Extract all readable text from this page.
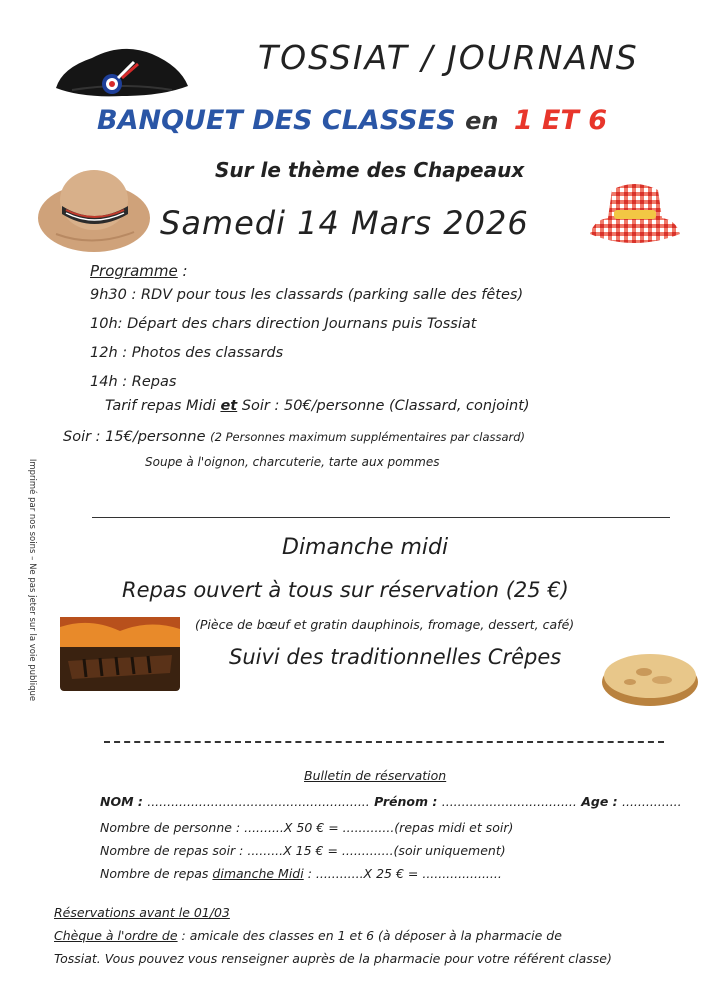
TOSSIAT / JOURNANS
BANQUET DES CLASSES en 1 ET 6
Sur le thème des Chapeaux
Samedi 14 Mars 2026
Programme :
9h30 : RDV pour tous les classards (parking salle des fêtes)
10h: Départ des chars direction Journans puis Tossiat
12h : Photos des classards
14h : Repas
Tarif repas Midi et Soir : 50€/personne (Classard, conjoint)
Soir : 15€/personne (2 Personnes maximum supplémentaires par classard)
Soupe à l'oignon, charcuterie, tarte aux pommes
Dimanche midi
Repas ouvert à tous sur réservation (25 €)
(Pièce de bœuf et gratin dauphinois, fromage, dessert, café)
Suivi des traditionnelles Crêpes
Bulletin de réservation
NOM : ........................................................ Prénom : .................................. Age : ...............
Nombre de personne : ..........X 50 € = .............(repas midi et soir)
Nombre de repas soir : .........X 15 € = .............(soir uniquement)
Nombre de repas dimanche Midi : ............X 25 € = ....................
Réservations avant le 01/03
Chèque à l'ordre de : amicale des classes en 1 et 6 (à déposer à la pharmacie de
Tossiat. Vous pouvez vous renseigner auprès de la pharmacie pour votre référent classe)
Imprimé par nos soins – Ne pas jeter sur la voie publique
